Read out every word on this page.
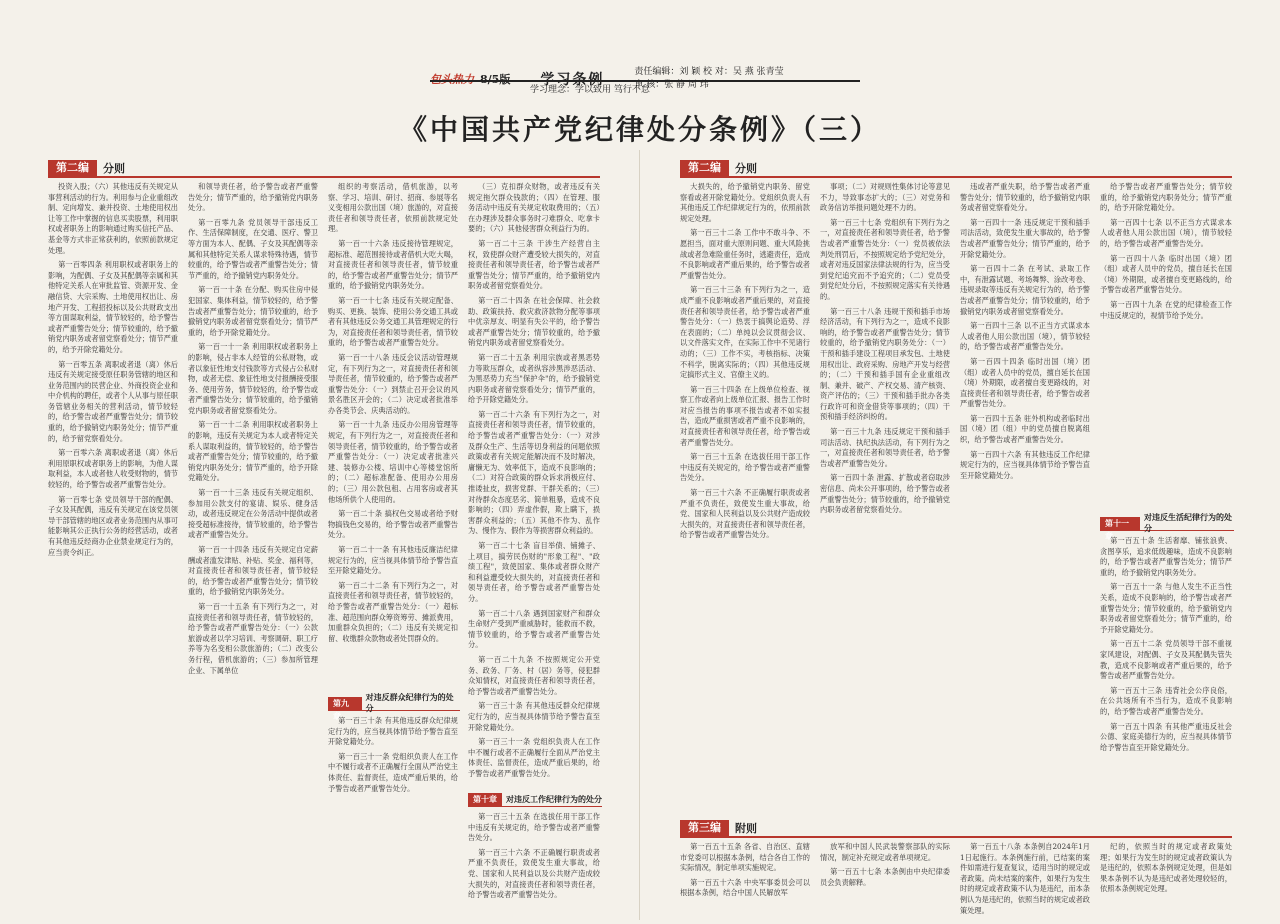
包头热力 8/5版 学习条例	责任编辑：刘 颖 校 对：吴 燕 张青莹
审 核：张 静 周 玮
学习理念：学以致用 笃行不怠
《中国共产党纪律处分条例》（三）
第二编	分则	第二编	分则

投资入股；（六）其他违反有关规定从事营利活动的行为。利用参与企业重组改制、定向增发、兼并投资、土地使用权出让等工作中掌握的信息买卖股票，利用职权或者职务上的影响通过购买信托产品、基金等方式非正常获利的，依照前款规定处理。

第一百零四条 利用职权或者职务上的影响，为配偶、子女及其配偶等亲属和其他特定关系人在审批监管、资源开发、金融信贷、大宗采购、土地使用权出让、房地产开发、工程招投标以及公共财政支出等方面谋取利益，情节较轻的，给予警告或者严重警告处分；情节较重的，给予撤销党内职务或者留党察看处分；情节严重的，给予开除党籍处分。

第一百零五条 离职或者退（离）休后违反有关规定接受原任职务管辖的地区和业务范围内的民营企业、外商投资企业和中介机构的聘任，或者个人从事与原任职务管辖业务相关的营利活动，情节较轻的，给予警告或者严重警告处分；情节较重的，给予撤销党内职务处分；情节严重的，给予留党察看处分。

第一百零六条 离职或者退（离）休后利用原职权或者职务上的影响，为他人谋取利益，本人或者他人收受财物的，情节较轻的，给予警告或者严重警告处分。

第一百零七条 党员领导干部的配偶、子女及其配偶，违反有关规定在该党员领导干部管辖的地区或者业务范围内从事可能影响其公正执行公务的经营活动，或者有其他违反经商办企业禁业规定行为的，应当责令纠正。

和领导责任者，给予警告或者严重警告处分；情节严重的，给予撤销党内职务处分。

第一百零九条 党员领导干部违反工作、生活保障制度，在交通、医疗、警卫等方面为本人、配偶、子女及其配偶等亲属和其他特定关系人谋求特殊待遇，情节较重的，给予警告或者严重警告处分；情节严重的，给予撤销党内职务处分。

第一百一十条 在分配、购买住房中侵犯国家、集体利益，情节较轻的，给予警告或者严重警告处分；情节较重的，给予撤销党内职务或者留党察看处分；情节严重的，给予开除党籍处分。

第一百一十一条 利用职权或者职务上的影响，侵占非本人经管的公私财物，或者以象征性地支付钱款等方式侵占公私财物，或者无偿、象征性地支付报酬接受服务、使用劳务，情节较轻的，给予警告或者严重警告处分；情节较重的，给予撤销党内职务或者留党察看处分。

第一百一十二条 利用职权或者职务上的影响，违反有关规定为本人或者特定关系人谋取利益的，情节较轻的，给予警告或者严重警告处分；情节较重的，给予撤销党内职务处分；情节严重的，给予开除党籍处分。

第一百一十三条 违反有关规定组织、参加用公款支付的宴请、娱乐、健身活动，或者违反规定在公务活动中提供或者接受超标准接待，情节较重的，给予警告或者严重警告处分。

第一百一十四条 违反有关规定自定薪酬或者滥发津贴、补贴、奖金、福利等，对直接责任者和领导责任者，情节较轻的，给予警告或者严重警告处分；情节较重的，给予撤销党内职务处分。

第一百一十五条 有下列行为之一，对直接责任者和领导责任者，情节较轻的，给予警告或者严重警告处分：（一）公款旅游或者以学习培训、考察调研、职工疗养等为名变相公款旅游的；（二）改变公务行程，借机旅游的；（三）参加所管理企业、下属单位

组织的考察活动，借机旅游，以考察、学习、培训、研讨、招商、参展等名义变相用公款出国（境）旅游的，对直接责任者和领导责任者，依照前款规定处理。

第一百一十六条 违反接待管理规定，超标准、超范围接待或者借机大吃大喝，对直接责任者和领导责任者，情节较重的，给予警告或者严重警告处分；情节严重的，给予撤销党内职务处分。

第一百一十七条 违反有关规定配备、购买、更换、装饰、使用公务交通工具或者有其他违反公务交通工具管理规定的行为，对直接责任者和领导责任者，情节较重的，给予警告或者严重警告处分。

第一百一十八条 违反会议活动管理规定，有下列行为之一，对直接责任者和领导责任者，情节较重的，给予警告或者严重警告处分：（一）到禁止召开会议的风景名胜区开会的；（二）决定或者批准举办各类节会、庆典活动的。

第一百一十九条 违反办公用房管理等规定，有下列行为之一，对直接责任者和领导责任者，情节较重的，给予警告或者严重警告处分：（一）决定或者批准兴建、装修办公楼、培训中心等楼堂馆所的；（二）超标准配备、使用办公用房的；（三）用公款包租、占用客房或者其他场所供个人使用的。

第一百二十条 搞权色交易或者给予财物搞钱色交易的，给予警告或者严重警告处分。

第一百二十一条 有其他违反廉洁纪律规定行为的，应当视具体情节给予警告直至开除党籍处分。

第一百二十二条 有下列行为之一，对直接责任者和领导责任者，情节较轻的，给予警告或者严重警告处分：（一）超标准、超范围向群众筹资筹劳、摊派费用，加重群众负担的；（二）违反有关规定扣留、收缴群众款物或者处罚群众的。

第九章
对违反群众纪律行为的处分

第一百三十条 有其他违反群众纪律规定行为的，应当视具体情节给予警告直至开除党籍处分。

第一百三十一条 党组织负责人在工作中不履行或者不正确履行全面从严治党主体责任、监督责任，造成严重后果的，给予警告或者严重警告处分。

（三）克扣群众财物，或者违反有关规定拖欠群众钱款的；（四）在管理、服务活动中违反有关规定收取费用的；（五）在办理涉及群众事务时刁难群众、吃拿卡要的；（六）其他侵害群众利益行为的。

第一百二十三条 干涉生产经营自主权，致使群众财产遭受较大损失的，对直接责任者和领导责任者，给予警告或者严重警告处分；情节严重的，给予撤销党内职务或者留党察看处分。

第一百二十四条 在社会保障、社会救助、政策扶持、救灾救济款物分配等事项中优亲厚友、明显有失公平的，给予警告或者严重警告处分；情节较重的，给予撤销党内职务或者留党察看处分。

第一百二十五条 利用宗族或者黑恶势力等欺压群众，或者纵容涉黑涉恶活动、为黑恶势力充当"保护伞"的，给予撤销党内职务或者留党察看处分；情节严重的，给予开除党籍处分。

第一百二十六条 有下列行为之一，对直接责任者和领导责任者，情节较重的，给予警告或者严重警告处分：（一）对涉及群众生产、生活等切身利益的问题依照政策或者有关规定能解决而不及时解决，庸懒无为、效率低下，造成不良影响的；（二）对符合政策的群众诉求消极应付、推诿扯皮，损害党群、干群关系的；（三）对待群众态度恶劣、简单粗暴，造成不良影响的；（四）弄虚作假，欺上瞒下，损害群众利益的；（五）其他不作为、乱作为、慢作为、假作为等损害群众利益的。

第一百二十七条 盲目举债、铺摊子、上项目，搞劳民伤财的"形象工程"、"政绩工程"，致使国家、集体或者群众财产和利益遭受较大损失的，对直接责任者和领导责任者，给予警告或者严重警告处分。

第一百二十八条 遇到国家财产和群众生命财产受到严重威胁时，能救而不救，情节较重的，给予警告或者严重警告处分。

第一百二十九条 不按照规定公开党务、政务、厂务、村（居）务等，侵犯群众知情权，对直接责任者和领导责任者，给予警告或者严重警告处分。

第一百三十条 有其他违反群众纪律规定行为的，应当视具体情节给予警告直至开除党籍处分。

第一百三十一条 党组织负责人在工作中不履行或者不正确履行全面从严治党主体责任、监督责任，造成严重后果的，给予警告或者严重警告处分。

第十章	对违反工作纪律行为的处分

第一百三十五条 在选拔任用干部工作中违反有关规定的，给予警告或者严重警告处分。

第一百三十六条 不正确履行职责或者严重不负责任，致使发生重大事故，给党、国家和人民利益以及公共财产造成较大损失的，对直接责任者和领导责任者，给予警告或者严重警告处分。

大损失的，给予撤销党内职务、留党察看或者开除党籍处分。党组织负责人有其他违反工作纪律规定行为的，依照前款规定处理。

第一百三十二条 工作中不敢斗争、不愿担当，面对重大原则问题、重大风险挑战或者急难险重任务时，逃避责任，造成不良影响或者严重后果的，给予警告或者严重警告处分。

第一百三十三条 有下列行为之一，造成严重不良影响或者严重后果的，对直接责任者和领导责任者，给予警告或者严重警告处分：（一）热衷于搞舆论造势、浮在表面的；（二）单纯以会议贯彻会议、以文件落实文件，在实际工作中不见诸行动的；（三）工作不实，考核指标、决策不科学，脱离实际的；（四）其他违反规定搞形式主义、官僚主义的。

第一百三十四条 在上级单位检查、视察工作或者向上级单位汇报、报告工作时对应当报告的事项不报告或者不如实报告，造成严重损害或者严重不良影响的，对直接责任者和领导责任者，给予警告或者严重警告处分。

第一百三十五条 在选拔任用干部工作中违反有关规定的，给予警告或者严重警告处分。

第一百三十六条 不正确履行职责或者严重不负责任，致使发生重大事故，给党、国家和人民利益以及公共财产造成较大损失的，对直接责任者和领导责任者，给予警告或者严重警告处分。

事项；（二）对规则性集体讨论等意见不力，导致事态扩大的；（三）对党务和政务信访举报问题处理不力的。

第一百三十七条 党组织有下列行为之一，对直接责任者和领导责任者，给予警告或者严重警告处分：（一）党员被依法判处刑罚后，不按照规定给予党纪处分，或者对违反国家法律法规的行为，应当受到党纪追究而不予追究的；（二）党员受到党纪处分后，不按照规定落实有关待遇的。

第一百三十八条 违规干预和插手市场经济活动，有下列行为之一，造成不良影响的，给予警告或者严重警告处分；情节较重的，给予撤销党内职务处分：（一）干预和插手建设工程项目承发包、土地使用权出让、政府采购、房地产开发与经营的；（二）干预和插手国有企业重组改制、兼并、破产、产权交易、清产核资、资产评估的；（三）干预和插手批办各类行政许可和资金借贷等事项的；（四）干预和插手经济纠纷的。

第一百三十九条 违反规定干预和插手司法活动、执纪执法活动，有下列行为之一，对直接责任者和领导责任者，给予警告或者严重警告处分。

第一百四十条 泄露、扩散或者窃取涉密信息、尚未公开事项的，给予警告或者严重警告处分；情节较重的，给予撤销党内职务或者留党察看处分。

违或者严重失职，给予警告或者严重警告处分；情节较重的，给予撤销党内职务或者留党察看处分。

第一百四十一条 违反规定干预和插手司法活动，致使发生重大事故的，给予警告或者严重警告处分；情节严重的，给予开除党籍处分。

第一百四十二条 在考试、录取工作中，有泄露试题、考场舞弊、涂改考卷、违规录取等违反有关规定行为的，给予警告或者严重警告处分；情节较重的，给予撤销党内职务或者留党察看处分。

第一百四十三条 以不正当方式谋求本人或者他人用公款出国（境），情节较轻的，给予警告或者严重警告处分。

第一百四十四条 临时出国（境）团（组）或者人员中的党员，擅自延长在国（境）外期限，或者擅自变更路线的，对直接责任者和领导责任者，给予警告或者严重警告处分。

第一百四十五条 驻外机构或者临时出国（境）团（组）中的党员擅自脱离组织，给予警告或者严重警告处分。

第一百四十六条 有其他违反工作纪律规定行为的，应当视具体情节给予警告直至开除党籍处分。

给予警告或者严重警告处分；情节较重的，给予撤销党内职务处分；情节严重的，给予开除党籍处分。

第一百四十七条 以不正当方式谋求本人或者他人用公款出国（境），情节较轻的，给予警告或者严重警告处分。

第一百四十八条 临时出国（境）团（组）或者人员中的党员，擅自延长在国（境）外期限，或者擅自变更路线的，给予警告或者严重警告处分。

第一百四十九条 在党的纪律检查工作中违反规定的，视情节给予处分。

第十一章
对违反生活纪律行为的处分

第一百五十条 生活奢靡、铺张浪费、贪图享乐，追求低级趣味，造成不良影响的，给予警告或者严重警告处分；情节严重的，给予撤销党内职务处分。

第一百五十一条 与他人发生不正当性关系，造成不良影响的，给予警告或者严重警告处分；情节较重的，给予撤销党内职务或者留党察看处分；情节严重的，给予开除党籍处分。

第一百五十二条 党员领导干部不重视家风建设，对配偶、子女及其配偶失管失教，造成不良影响或者严重后果的，给予警告或者严重警告处分。

第一百五十三条 违背社会公序良俗，在公共场所有不当行为，造成不良影响的，给予警告或者严重警告处分。

第一百五十四条 有其他严重违反社会公德、家庭美德行为的，应当视具体情节给予警告直至开除党籍处分。

第三编	附则

第一百五十五条 各省、自治区、直辖市党委可以根据本条例，结合各自工作的实际情况，制定单项实施规定。

第一百五十六条 中央军事委员会可以根据本条例，结合中国人民解放军

放军和中国人民武装警察部队的实际情况，制定补充规定或者单项规定。

第一百五十七条 本条例由中央纪律委员会负责解释。

第一百五十八条 本条例自2024年1月1日起施行。本条例施行前，已结案的案件如需进行复查复议，适用当时的规定或者政策。尚未结案的案件，如果行为发生时的规定或者政策不认为是违纪，而本条例认为是违纪的，依照当时的规定或者政策处理。

纪的，依照当时的规定或者政策处理；如果行为发生时的规定或者政策认为是违纪的，依照本条例规定处理，但是如果本条例不认为是违纪或者处理较轻的，依照本条例规定处理。
